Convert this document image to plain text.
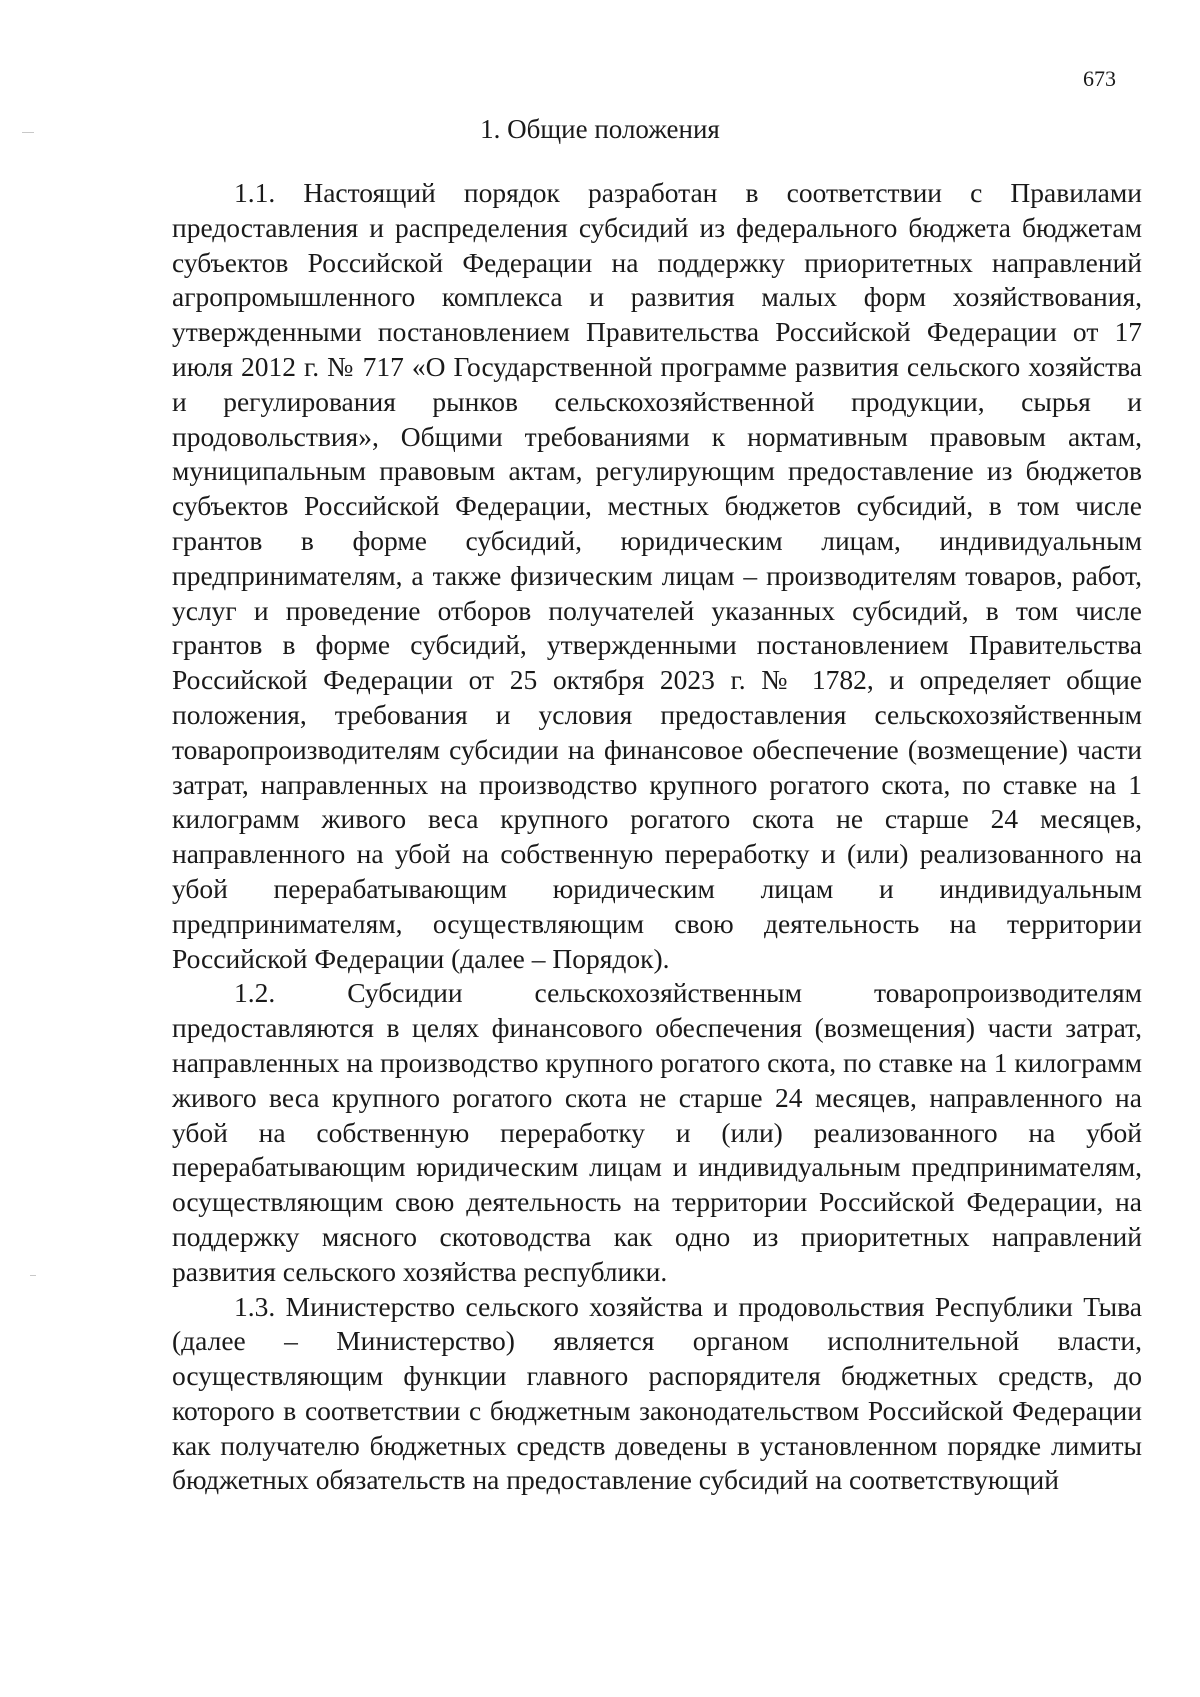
673
1. Общие положения

1.1. Настоящий порядок разработан в соответствии с Правилами предоставления и распределения субсидий из федерального бюджета бюджетам субъектов Российской Федерации на поддержку приоритетных направлений агропромышленного комплекса и развития малых форм хозяйствования, утвержденными постановлением Правительства Российской Федерации от 17 июля 2012 г. № 717 «О Государственной программе развития сельского хозяйства и регулирования рынков сельскохозяйственной продукции, сырья и продовольствия», Общими требованиями к нормативным правовым актам, муниципальным правовым актам, регулирующим предоставление из бюджетов субъектов Российской Федерации, местных бюджетов субсидий, в том числе грантов в форме субсидий, юридическим лицам, индивидуальным предпринимателям, а также физическим лицам – производителям товаров, работ, услуг и проведение отборов получателей указанных субсидий, в том числе грантов в форме субсидий, утвержденными постановлением Правительства Российской Федерации от 25 октября 2023 г. № 1782, и определяет общие положения, требования и условия предоставления сельскохозяйственным товаропроизводителям субсидии на финансовое обеспечение (возмещение) части затрат, направленных на производство крупного рогатого скота, по ставке на 1 килограмм живого веса крупного рогатого скота не старше 24 месяцев, направленного на убой на собственную переработку и (или) реализованного на убой перерабатывающим юридическим лицам и индивидуальным предпринимателям, осуществляющим свою деятельность на территории Российской Федерации (далее – Порядок).

1.2. Субсидии сельскохозяйственным товаропроизводителям предоставляются в целях финансового обеспечения (возмещения) части затрат, направленных на производство крупного рогатого скота, по ставке на 1 килограмм живого веса крупного рогатого скота не старше 24 месяцев, направленного на убой на собственную переработку и (или) реализованного на убой перерабатывающим юридическим лицам и индивидуальным предпринимателям, осуществляющим свою деятельность на территории Российской Федерации, на поддержку мясного скотоводства как одно из приоритетных направлений развития сельского хозяйства республики.

1.3. Министерство сельского хозяйства и продовольствия Республики Тыва (далее – Министерство) является органом исполнительной власти, осуществляющим функции главного распорядителя бюджетных средств, до которого в соответствии с бюджетным законодательством Российской Федерации как получателю бюджетных средств доведены в установленном порядке лимиты бюджетных обязательств на предоставление субсидий на соответствующий
